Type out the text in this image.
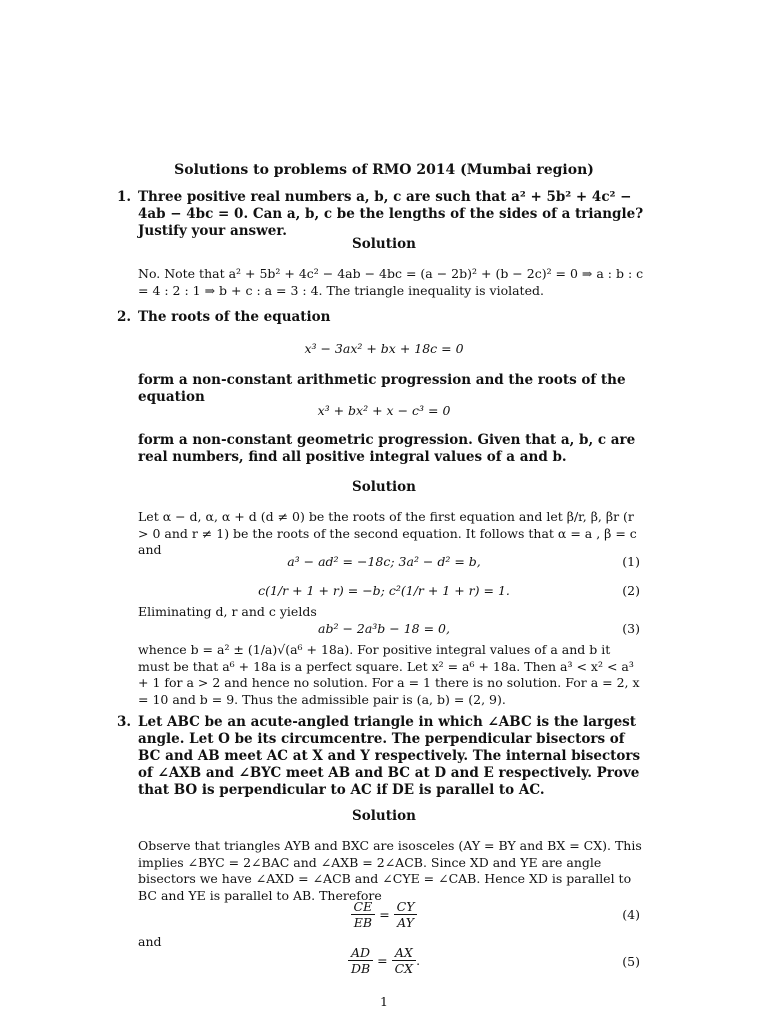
Solutions to problems of RMO 2014 (Mumbai region)
1. Three positive real numbers a, b, c are such that a² + 5b² + 4c² − 4ab − 4bc = 0. Can a, b, c be the lengths of the sides of a triangle? Justify your answer.
Solution
No. Note that a² + 5b² + 4c² − 4ab − 4bc = (a − 2b)² + (b − 2c)² = 0 ⇒ a : b : c = 4 : 2 : 1 ⇒ b + c : a = 3 : 4. The triangle inequality is violated.
2. The roots of the equation
x³ − 3ax² + bx + 18c = 0
form a non-constant arithmetic progression and the roots of the equation
x³ + bx² + x − c³ = 0
form a non-constant geometric progression. Given that a, b, c are real numbers, find all positive integral values of a and b.
Solution
Let α − d, α, α + d (d ≠ 0) be the roots of the first equation and let β/r, β, βr (r > 0 and r ≠ 1) be the roots of the second equation. It follows that α = a , β = c and
a³ − ad² = −18c; 3a² − d² = b,	(1)
c(1/r + 1 + r) = −b; c²(1/r + 1 + r) = 1.	(2)
Eliminating d, r and c yields
ab² − 2a³b − 18 = 0,	(3)
whence b = a² ± (1/a)√(a⁶ + 18a). For positive integral values of a and b it must be that a⁶ + 18a is a perfect square. Let x² = a⁶ + 18a. Then a³ < x² < a³ + 1 for a > 2 and hence no solution. For a = 1 there is no solution. For a = 2, x = 10 and b = 9. Thus the admissible pair is (a, b) = (2, 9).
3. Let ABC be an acute-angled triangle in which ∠ABC is the largest angle. Let O be its circumcentre. The perpendicular bisectors of BC and AB meet AC at X and Y respectively. The internal bisectors of ∠AXB and ∠BYC meet AB and BC at D and E respectively. Prove that BO is perpendicular to AC if DE is parallel to AC.
Solution
Observe that triangles AYB and BXC are isosceles (AY = BY and BX = CX). This implies ∠BYC = 2∠BAC and ∠AXB = 2∠ACB. Since XD and YE are angle bisectors we have ∠AXD = ∠ACB and ∠CYE = ∠CAB. Hence XD is parallel to BC and YE is parallel to AB. Therefore
$\frac{CE}{EB} = \frac{CY}{AY}$	(4)
and
$\frac{AD}{DB} = \frac{AX}{CX}$ .	(5)
1
